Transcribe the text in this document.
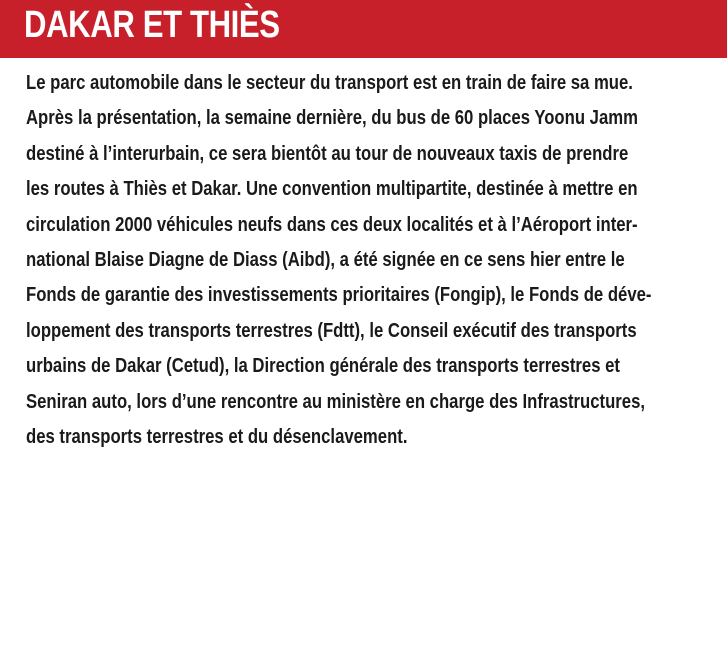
DAKAR ET THIÈS
Le parc automobile dans le secteur du transport est en train de faire sa mue.
Après la présentation, la semaine dernière, du bus de 60 places Yoonu Jamm
destiné à l’interurbain, ce sera bientôt au tour de nouveaux taxis de prendre
les routes à Thiès et Dakar. Une convention multipartite, destinée à mettre en
circulation 2000 véhicules neufs dans ces deux localités et à l’Aéroport inter-
national Blaise Diagne de Diass (Aibd), a été signée en ce sens hier entre le
Fonds de garantie des investissements prioritaires (Fongip), le Fonds de déve-
loppement des transports terrestres (Fdtt), le Conseil exécutif des transports
urbains de Dakar (Cetud), la Direction générale des transports terrestres et
Seniran auto, lors d’une rencontre au ministère en charge des Infrastructures,
des transports terrestres et du désenclavement.
